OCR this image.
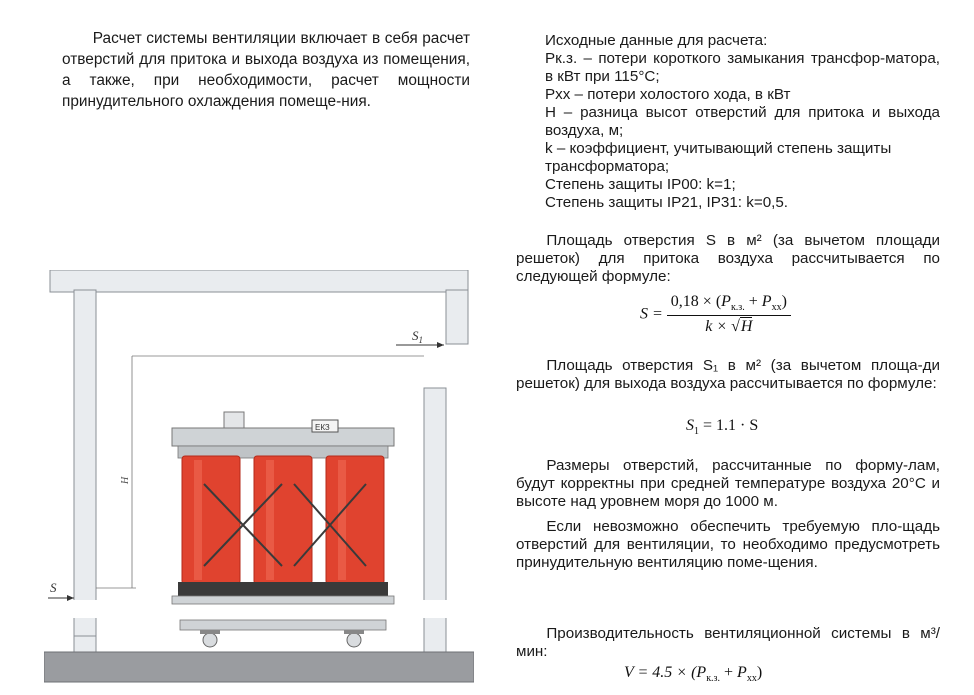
Расчет системы вентиляции включает в себя расчет отверстий для притока и выхода воздуха из помещения, а также, при необходимости, расчет мощности принудительного охлаждения помеще-ния.

Исходные данные для расчета:

Рк.з. – потери короткого замыкания трансфор-матора, в кВт при 115°С;

Рхх – потери холостого хода, в кВт

Н – разница высот отверстий для притока и выхода воздуха, м;

k – коэффициент, учитывающий степень защиты трансформатора;

Степень защиты IP00: k=1;

Степень защиты IP21, IP31: k=0,5.

Площадь отверстия S в м² (за вычетом площади решеток) для притока воздуха рассчитывается по следующей формуле:

$S = \frac{0,18 \times (P_{к.з.} + P_{хх})}{k \times √H}$

Площадь отверстия S₁ в м² (за вычетом площа-ди решеток) для выхода воздуха рассчитывается по формуле:

$S_1 = 1.1 \cdot S$

Размеры отверстий, рассчитанные по форму-лам, будут корректны при средней температуре воздуха 20°С и высоте над уровнем моря до 1000 м.

Если невозможно обеспечить требуемую пло-щадь отверстий для вентиляции, то необходимо предусмотреть принудительную вентиляцию поме-щения.

Производительность вентиляционной системы в м³/мин:

$V = 4.5 \times (P_{к.з.} + P_{хх})$
$S_1$
S
H
ЕКЗ
